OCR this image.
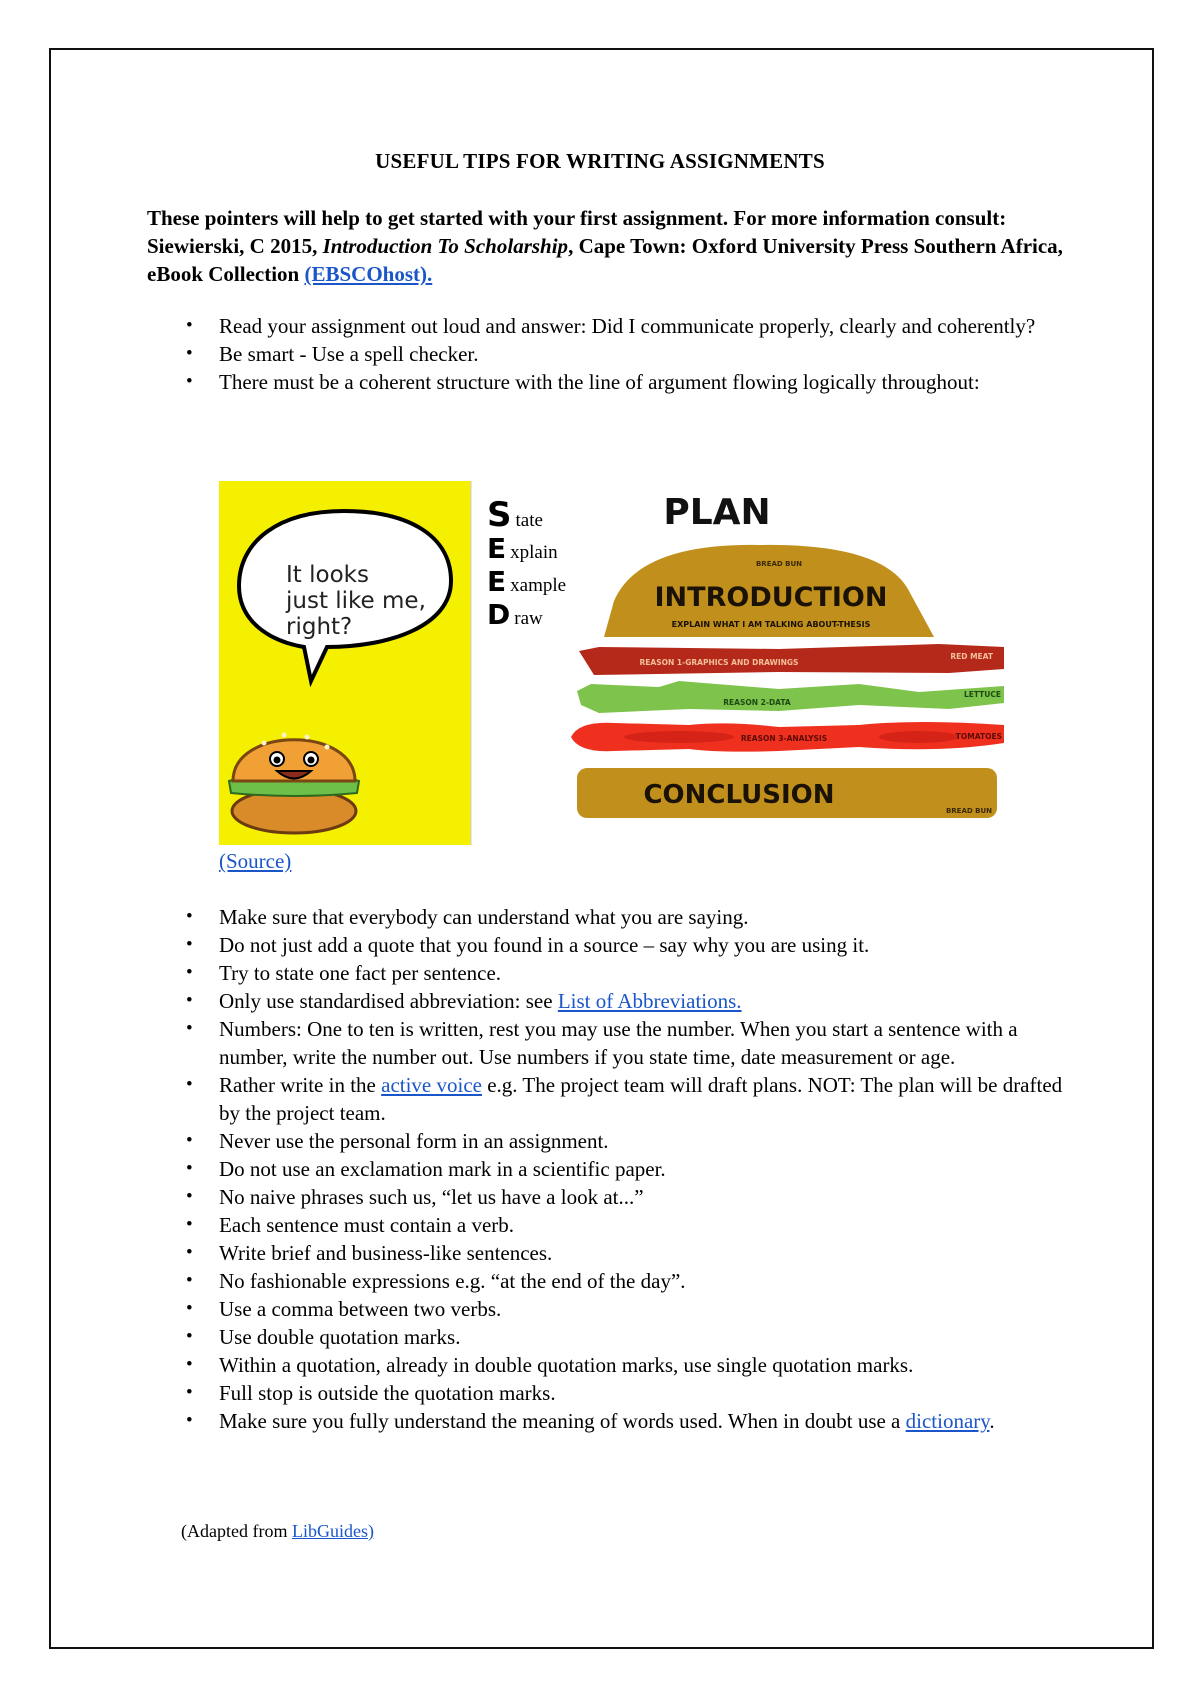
USEFUL TIPS FOR WRITING ASSIGNMENTS
These pointers will help to get started with your first assignment. For more information consult: Siewierski, C 2015, Introduction To Scholarship, Cape Town: Oxford University Press Southern Africa, eBook Collection (EBSCOhost).
• Read your assignment out loud and answer: Did I communicate properly, clearly and coherently?
• Be smart - Use a spell checker.
• There must be a coherent structure with the line of argument flowing logically throughout:
It looks
just like me,
right?
S tate
E xplain
E xample
D raw
PLAN
BREAD BUN
INTRODUCTION
EXPLAIN WHAT I AM TALKING ABOUT-THESIS
REASON 1-GRAPHICS AND DRAWINGS
RED MEAT
REASON 2-DATA
LETTUCE
REASON 3-ANALYSIS	TOMATOES
CONCLUSION
BREAD BUN
(Source)
• Make sure that everybody can understand what you are saying.
• Do not just add a quote that you found in a source – say why you are using it.
• Try to state one fact per sentence.
• Only use standardised abbreviation: see List of Abbreviations.
• Numbers: One to ten is written, rest you may use the number. When you start a sentence with a number, write the number out. Use numbers if you state time, date measurement or age.
• Rather write in the active voice e.g. The project team will draft plans. NOT: The plan will be drafted by the project team.
• Never use the personal form in an assignment.
• Do not use an exclamation mark in a scientific paper.
• No naive phrases such us, “let us have a look at...”
• Each sentence must contain a verb.
• Write brief and business-like sentences.
• No fashionable expressions e.g. “at the end of the day”.
• Use a comma between two verbs.
• Use double quotation marks.
• Within a quotation, already in double quotation marks, use single quotation marks.
• Full stop is outside the quotation marks.
• Make sure you fully understand the meaning of words used. When in doubt use a dictionary.
(Adapted from LibGuides)
